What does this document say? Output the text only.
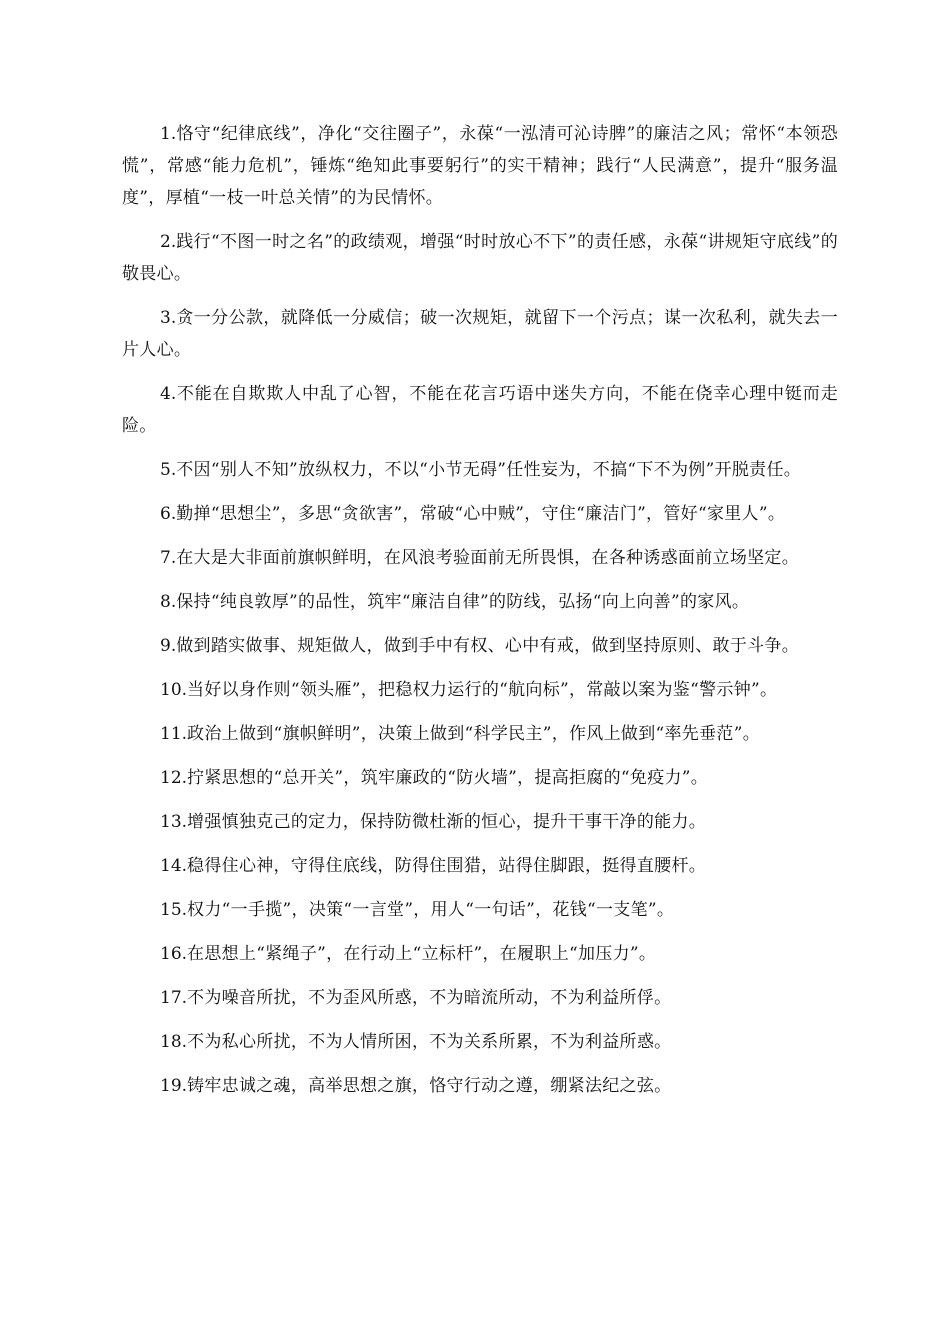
1.恪守“纪律底线”，净化“交往圈子”，永葆“一泓清可沁诗脾”的廉洁之风；常怀“本领恐慌”，常感“能力危机”，锤炼“绝知此事要躬行”的实干精神；践行“人民满意”，提升“服务温度”，厚植“一枝一叶总关情”的为民情怀。

2.践行“不图一时之名”的政绩观，增强“时时放心不下”的责任感，永葆“讲规矩守底线”的敬畏心。

3.贪一分公款，就降低一分威信；破一次规矩，就留下一个污点；谋一次私利，就失去一片人心。

4.不能在自欺欺人中乱了心智，不能在花言巧语中迷失方向，不能在侥幸心理中铤而走险。

5.不因“别人不知”放纵权力，不以“小节无碍”任性妄为，不搞“下不为例”开脱责任。

6.勤掸“思想尘”，多思“贪欲害”，常破“心中贼”，守住“廉洁门”，管好“家里人”。

7.在大是大非面前旗帜鲜明，在风浪考验面前无所畏惧，在各种诱惑面前立场坚定。

8.保持“纯良敦厚”的品性，筑牢“廉洁自律”的防线，弘扬“向上向善”的家风。

9.做到踏实做事、规矩做人，做到手中有权、心中有戒，做到坚持原则、敢于斗争。

10.当好以身作则“领头雁”，把稳权力运行的“航向标”，常敲以案为鉴“警示钟”。

11.政治上做到“旗帜鲜明”，决策上做到“科学民主”，作风上做到“率先垂范”。

12.拧紧思想的“总开关”，筑牢廉政的“防火墙”，提高拒腐的“免疫力”。

13.增强慎独克己的定力，保持防微杜渐的恒心，提升干事干净的能力。

14.稳得住心神，守得住底线，防得住围猎，站得住脚跟，挺得直腰杆。

15.权力“一手揽”，决策“一言堂”，用人“一句话”，花钱“一支笔”。

16.在思想上“紧绳子”，在行动上“立标杆”，在履职上“加压力”。

17.不为噪音所扰，不为歪风所惑，不为暗流所动，不为利益所俘。

18.不为私心所扰，不为人情所困，不为关系所累，不为利益所惑。

19.铸牢忠诚之魂，高举思想之旗，恪守行动之遵，绷紧法纪之弦。
